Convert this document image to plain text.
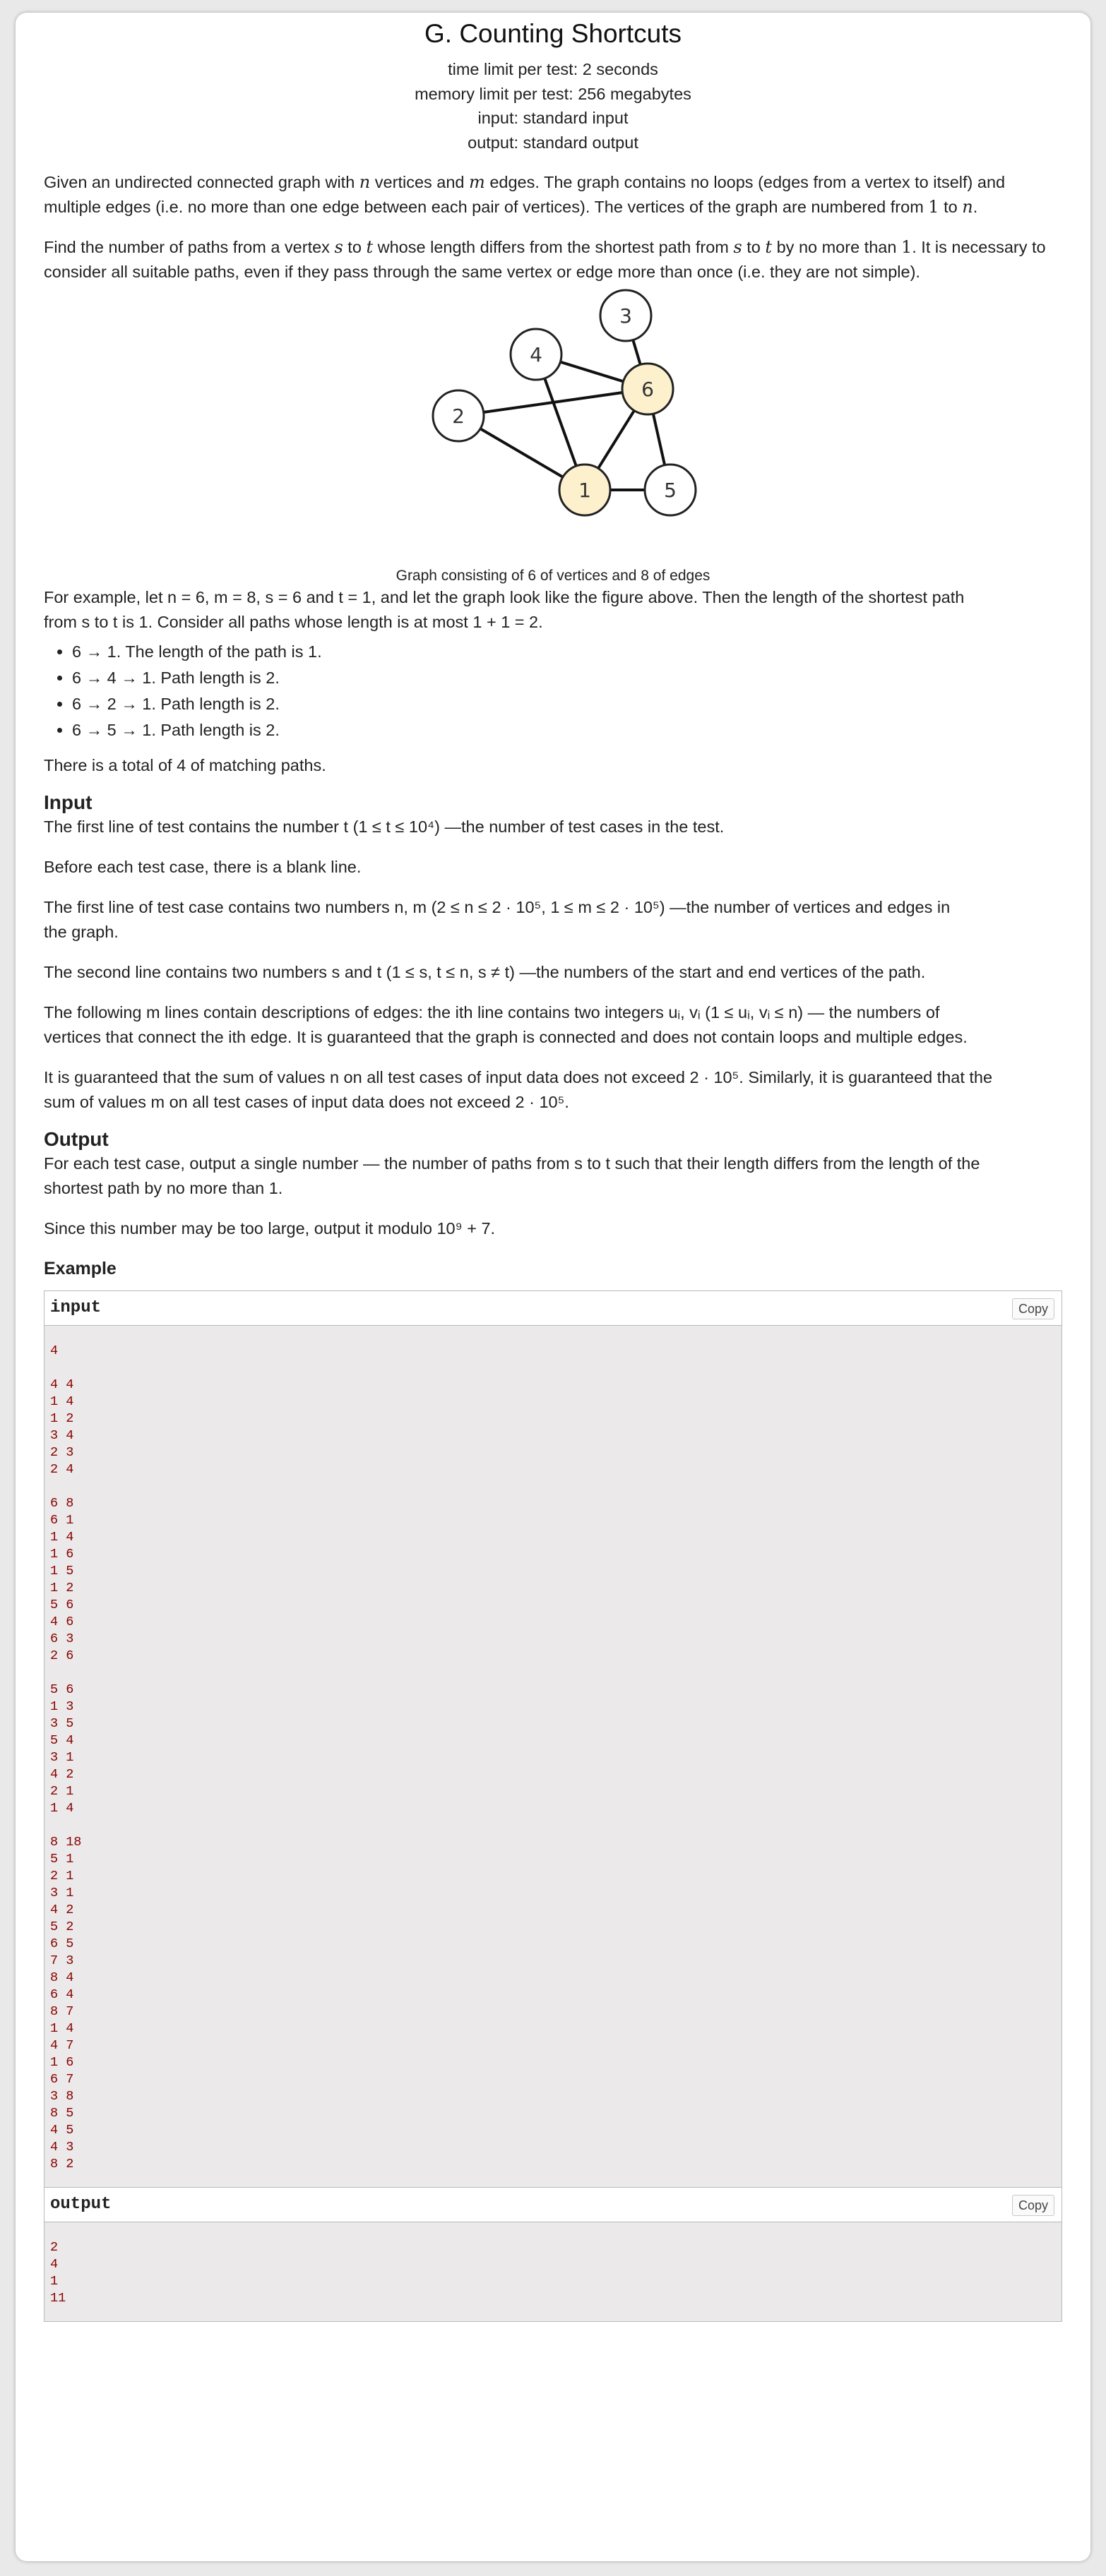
G. Counting Shortcuts
time limit per test: 2 seconds
memory limit per test: 256 megabytes
input: standard input
output: standard output

Given an undirected connected graph with n vertices and m edges. The graph contains no loops (edges from a vertex to itself) and multiple edges (i.e. no more than one edge between each pair of vertices). The vertices of the graph are numbered from 1 to n.

Find the number of paths from a vertex s to t whose length differs from the shortest path from s to t by no more than 1. It is necessary to consider all suitable paths, even if they pass through the same vertex or edge more than once (i.e. they are not simple).

1
2
3
4
5
6
Graph consisting of 6 of vertices and 8 of edges

For example, let n = 6, m = 8, s = 6 and t = 1, and let the graph look like the figure above. Then the length of the shortest path
from s to t is 1. Consider all paths whose length is at most 1 + 1 = 2.

• 6 → 1. The length of the path is 1.
• 6 → 4 → 1. Path length is 2.
• 6 → 2 → 1. Path length is 2.
• 6 → 5 → 1. Path length is 2.

There is a total of 4 of matching paths.

Input

The first line of test contains the number t (1 ≤ t ≤ 10⁴) —the number of test cases in the test.

Before each test case, there is a blank line.

The first line of test case contains two numbers n, m (2 ≤ n ≤ 2 · 10⁵, 1 ≤ m ≤ 2 · 10⁵) —the number of vertices and edges in
the graph.

The second line contains two numbers s and t (1 ≤ s, t ≤ n, s ≠ t) —the numbers of the start and end vertices of the path.

The following m lines contain descriptions of edges: the ith line contains two integers uᵢ, vᵢ (1 ≤ uᵢ, vᵢ ≤ n) — the numbers of
vertices that connect the ith edge. It is guaranteed that the graph is connected and does not contain loops and multiple edges.

It is guaranteed that the sum of values n on all test cases of input data does not exceed 2 · 10⁵. Similarly, it is guaranteed that the
sum of values m on all test cases of input data does not exceed 2 · 10⁵.

Output

For each test case, output a single number — the number of paths from s to t such that their length differs from the length of the
shortest path by no more than 1.

Since this number may be too large, output it modulo 10⁹ + 7.

Example
input	Copy
4

4 4
1 4
1 2
3 4
2 3
2 4

6 8
6 1
1 4
1 6
1 5
1 2
5 6
4 6
6 3
2 6

5 6
1 3
3 5
5 4
3 1
4 2
2 1
1 4

8 18
5 1
2 1
3 1
4 2
5 2
6 5
7 3
8 4
6 4
8 7
1 4
4 7
1 6
6 7
3 8
8 5
4 5
4 3
8 2
output	Copy
2
4
1
11
